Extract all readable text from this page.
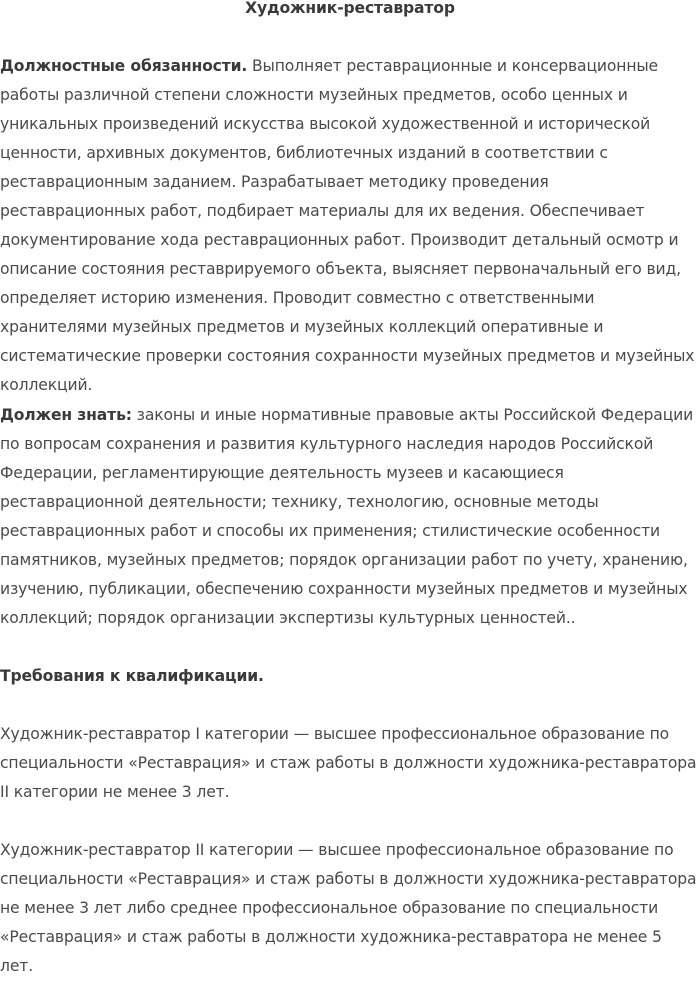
Художник-реставратор

Должностные обязанности. Выполняет реставрационные и консервационные работы различной степени сложности музейных предметов, особо ценных и уникальных произведений искусства высокой художественной и исторической ценности, архивных документов, библиотечных изданий в соответствии с реставрационным заданием. Разрабатывает методику проведения реставрационных работ, подбирает материалы для их ведения. Обеспечивает документирование хода реставрационных работ. Производит детальный осмотр и описание состояния реставрируемого объекта, выясняет первоначальный его вид, определяет историю изменения. Проводит совместно с ответственными хранителями музейных предметов и музейных коллекций оперативные и систематические проверки состояния сохранности музейных предметов и музейных коллекций.

Должен знать: законы и иные нормативные правовые акты Российской Федерации по вопросам сохранения и развития культурного наследия народов Российской Федерации, регламентирующие деятельность музеев и касающиеся реставрационной деятельности; технику, технологию, основные методы реставрационных работ и способы их применения; стилистические особенности памятников, музейных предметов; порядок организации работ по учету, хранению, изучению, публикации, обеспечению сохранности музейных предметов и музейных коллекций; порядок организации экспертизы культурных ценностей..

Требования к квалификации.

Художник-реставратор I категории — высшее профессиональное образование по специальности «Реставрация» и стаж работы в должности художника-реставратора II категории не менее 3 лет.

Художник-реставратор II категории — высшее профессиональное образование по специальности «Реставрация» и стаж работы в должности художника-реставратора не менее 3 лет либо среднее профессиональное образование по специальности «Реставрация» и стаж работы в должности художника-реставратора не менее 5 лет.
